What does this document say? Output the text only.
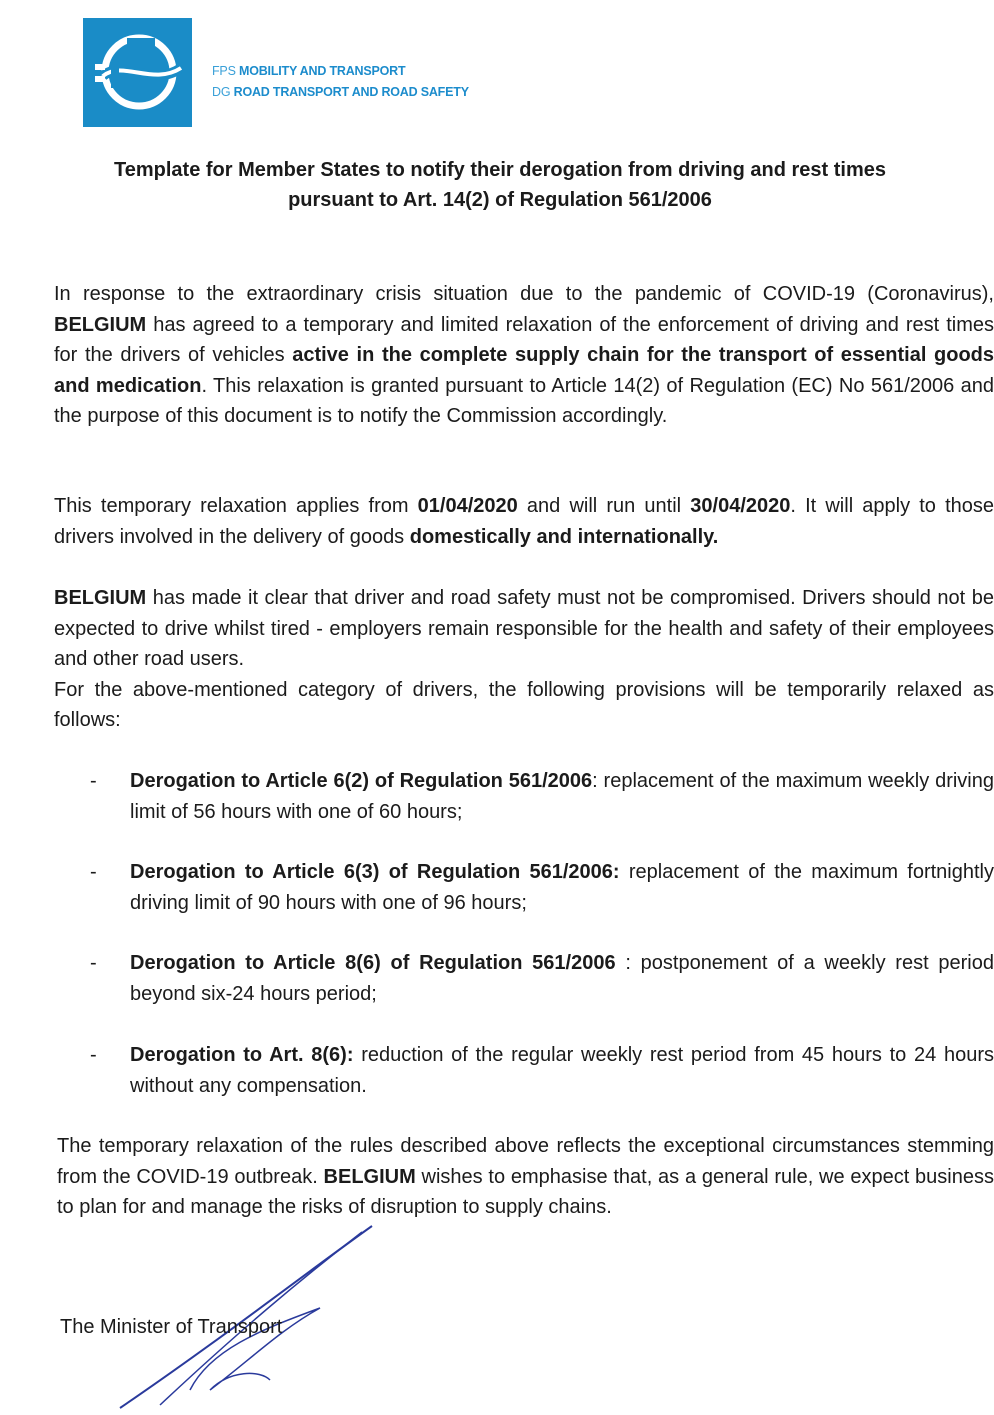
FPS MOBILITY AND TRANSPORT
DG ROAD TRANSPORT AND ROAD SAFETY
Template for Member States to notify their derogation from driving and rest times
pursuant to Art. 14(2) of Regulation 561/2006
In response to the extraordinary crisis situation due to the pandemic of COVID-19 (Coronavirus), BELGIUM has agreed to a temporary and limited relaxation of the enforcement of driving and rest times for the drivers of vehicles active in the complete supply chain for the transport of essential goods and medication. This relaxation is granted pursuant to Article 14(2) of Regulation (EC) No 561/2006 and the purpose of this document is to notify the Commission accordingly.
This temporary relaxation applies from 01/04/2020 and will run until 30/04/2020. It will apply to those drivers involved in the delivery of goods domestically and internationally.
BELGIUM has made it clear that driver and road safety must not be compromised. Drivers should not be expected to drive whilst tired - employers remain responsible for the health and safety of their employees and other road users.
For the above-mentioned category of drivers, the following provisions will be temporarily relaxed as follows:
- Derogation to Article 6(2) of Regulation 561/2006: replacement of the maximum weekly driving limit of 56 hours with one of 60 hours;
- Derogation to Article 6(3) of Regulation 561/2006: replacement of the maximum fortnightly driving limit of 90 hours with one of 96 hours;
- Derogation to Article 8(6) of Regulation 561/2006 : postponement of a weekly rest period beyond six-24 hours period;
- Derogation to Art. 8(6): reduction of the regular weekly rest period from 45 hours to 24 hours without any compensation.
The temporary relaxation of the rules described above reflects the exceptional circumstances stemming from the COVID-19 outbreak. BELGIUM wishes to emphasise that, as a general rule, we expect business to plan for and manage the risks of disruption to supply chains.
The Minister of Transport
